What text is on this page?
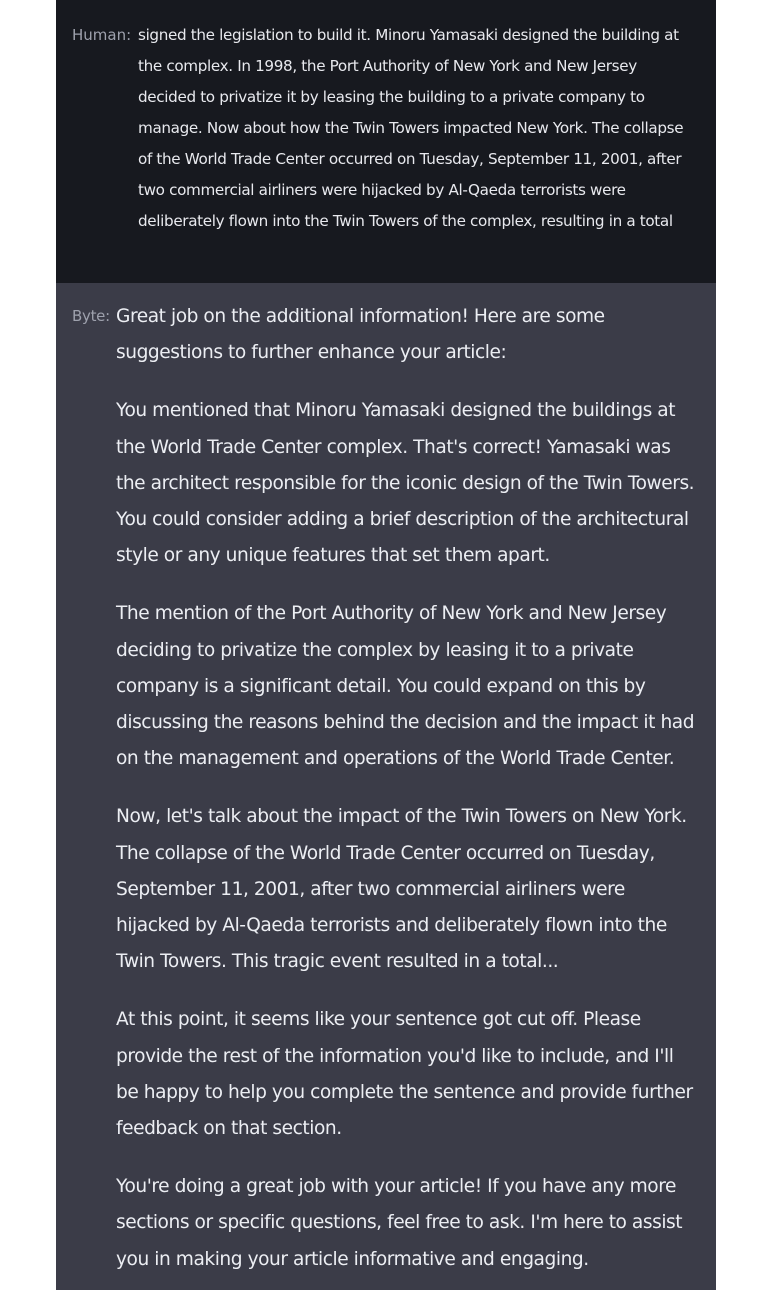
Human: signed the legislation to build it. Minoru Yamasaki designed the building at the complex. In 1998, the Port Authority of New York and New Jersey decided to privatize it by leasing the building to a private company to manage. Now about how the Twin Towers impacted New York. The collapse of the World Trade Center occurred on Tuesday, September 11, 2001, after two commercial airliners were hijacked by Al-Qaeda terrorists were deliberately flown into the Twin Towers of the complex, resulting in a total
Byte: Great job on the additional information! Here are some suggestions to further enhance your article:

You mentioned that Minoru Yamasaki designed the buildings at the World Trade Center complex. That's correct! Yamasaki was the architect responsible for the iconic design of the Twin Towers. You could consider adding a brief description of the architectural style or any unique features that set them apart.

The mention of the Port Authority of New York and New Jersey deciding to privatize the complex by leasing it to a private company is a significant detail. You could expand on this by discussing the reasons behind the decision and the impact it had on the management and operations of the World Trade Center.

Now, let's talk about the impact of the Twin Towers on New York. The collapse of the World Trade Center occurred on Tuesday, September 11, 2001, after two commercial airliners were hijacked by Al-Qaeda terrorists and deliberately flown into the Twin Towers. This tragic event resulted in a total...

At this point, it seems like your sentence got cut off. Please provide the rest of the information you'd like to include, and I'll be happy to help you complete the sentence and provide further feedback on that section.

You're doing a great job with your article! If you have any more sections or specific questions, feel free to ask. I'm here to assist you in making your article informative and engaging.
